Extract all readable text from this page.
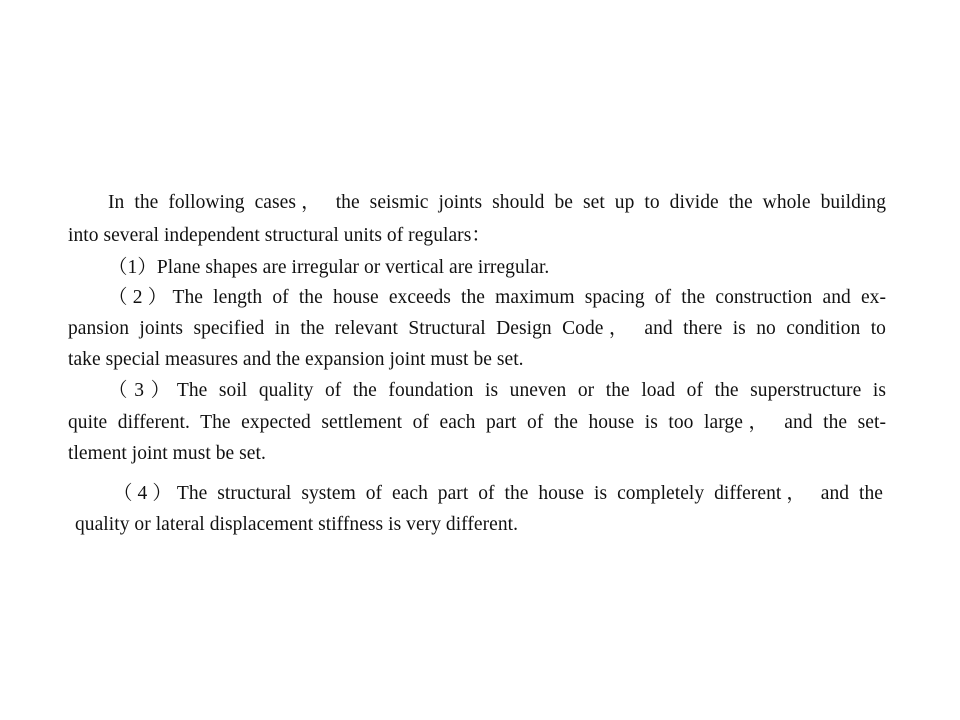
In the following cases， the seismic joints should be set up to divide the whole building
into several independent structural units of regulars：
（1）Plane shapes are irregular or vertical are irregular.
（2）The length of the house exceeds the maximum spacing of the construction and ex-
pansion joints specified in the relevant Structural Design Code， and there is no condition to
take special measures and the expansion joint must be set.
（3）The soil quality of the foundation is uneven or the load of the superstructure is
quite different. The expected settlement of each part of the house is too large， and the set-
tlement joint must be set.
（4）The structural system of each part of the house is completely different， and the
quality or lateral displacement stiffness is very different.
